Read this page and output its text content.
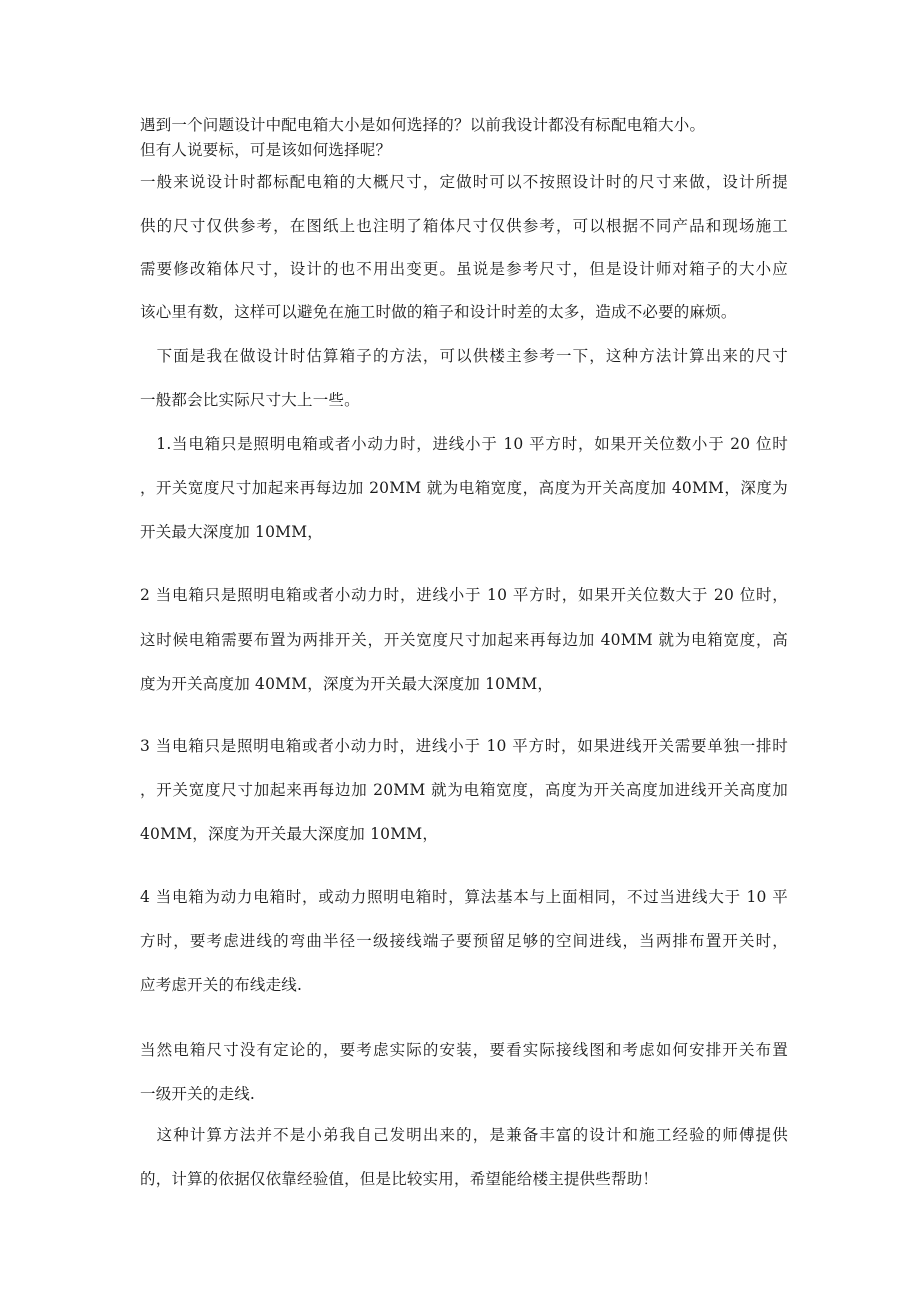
遇到一个问题设计中配电箱大小是如何选择的？以前我设计都没有标配电箱大小。
但有人说要标，可是该如何选择呢？
一般来说设计时都标配电箱的大概尺寸，定做时可以不按照设计时的尺寸来做，设计所提
供的尺寸仅供参考，在图纸上也注明了箱体尺寸仅供参考，可以根据不同产品和现场施工
需要修改箱体尺寸，设计的也不用出变更。虽说是参考尺寸，但是设计师对箱子的大小应
该心里有数，这样可以避免在施工时做的箱子和设计时差的太多，造成不必要的麻烦。
　下面是我在做设计时估算箱子的方法，可以供楼主参考一下，这种方法计算出来的尺寸
一般都会比实际尺寸大上一些。
　1.当电箱只是照明电箱或者小动力时，进线小于 10 平方时，如果开关位数小于 20 位时
，开关宽度尺寸加起来再每边加 20MM 就为电箱宽度，高度为开关高度加 40MM，深度为
开关最大深度加 10MM，
2 当电箱只是照明电箱或者小动力时，进线小于 10 平方时，如果开关位数大于 20 位时，
这时候电箱需要布置为两排开关，开关宽度尺寸加起来再每边加 40MM 就为电箱宽度，高
度为开关高度加 40MM，深度为开关最大深度加 10MM，
3 当电箱只是照明电箱或者小动力时，进线小于 10 平方时，如果进线开关需要单独一排时
，开关宽度尺寸加起来再每边加 20MM 就为电箱宽度，高度为开关高度加进线开关高度加
40MM，深度为开关最大深度加 10MM，
4 当电箱为动力电箱时，或动力照明电箱时，算法基本与上面相同，不过当进线大于 10 平
方时，要考虑进线的弯曲半径一级接线端子要预留足够的空间进线，当两排布置开关时，
应考虑开关的布线走线.
当然电箱尺寸没有定论的，要考虑实际的安装，要看实际接线图和考虑如何安排开关布置
一级开关的走线.
　这种计算方法并不是小弟我自己发明出来的，是兼备丰富的设计和施工经验的师傅提供
的，计算的依据仅依靠经验值，但是比较实用，希望能给楼主提供些帮助！
